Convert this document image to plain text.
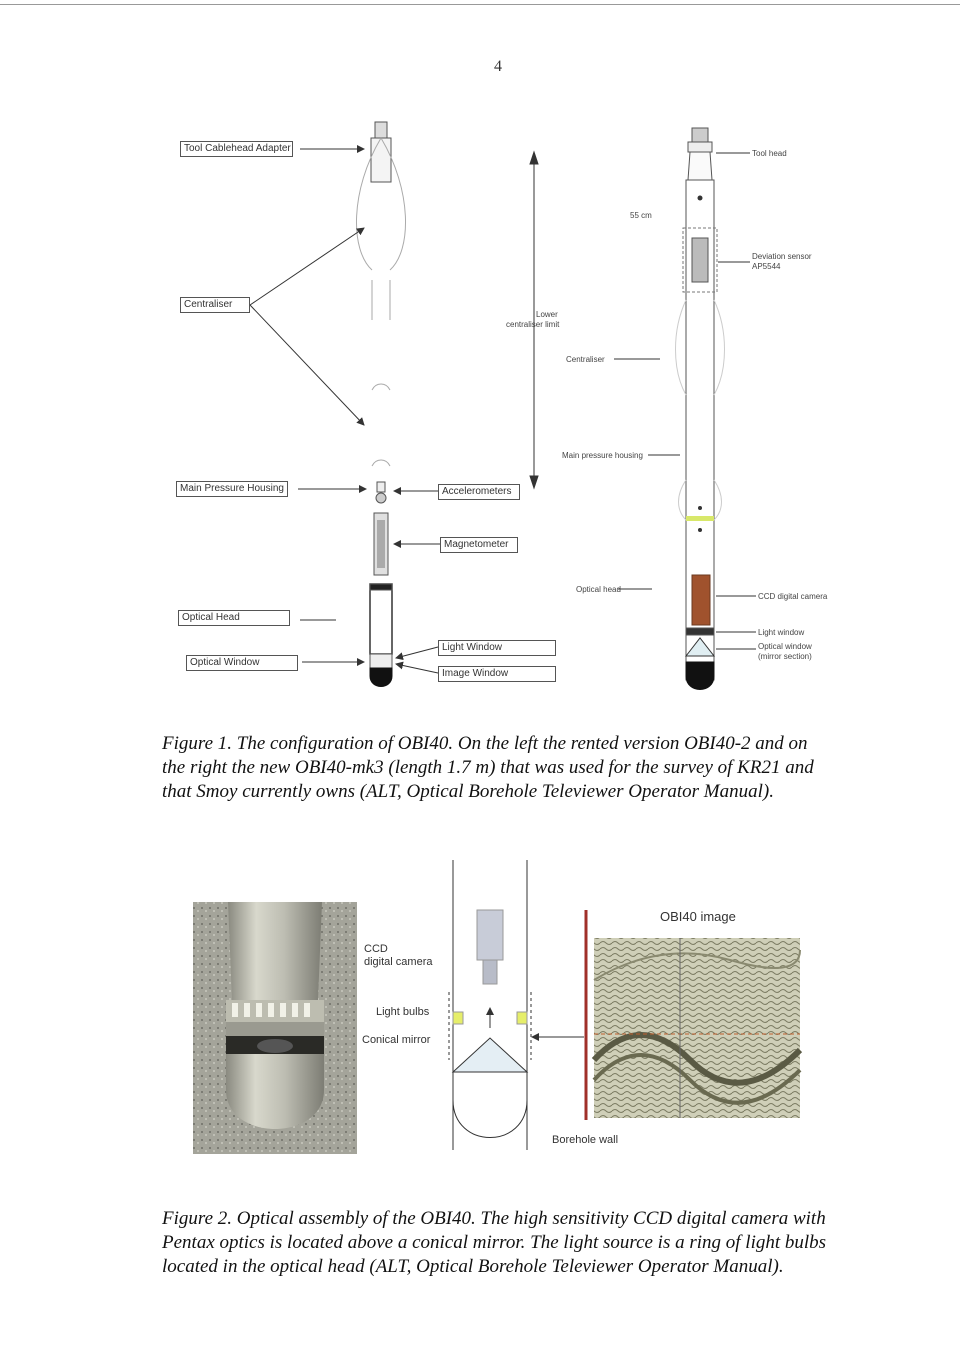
4
Tool Cablehead Adapter
Centraliser
Main Pressure Housing	Accelerometers
Magnetometer
Optical Head
Optical Window
Light Window
Image Window
Tool head
55 cm
Deviation sensor
AP5544
Lower
centraliser limit
Centraliser
Main pressure housing
Optical head
CCD digital camera
Light window
Optical window
(mirror section)
Figure 1. The configuration of OBI40. On the left the rented version OBI40-2 and on
the right the new OBI40-mk3 (length 1.7 m) that was used for the survey of KR21 and
that Smoy currently owns (ALT, Optical Borehole Televiewer Operator Manual).
CCD
digital camera
Light bulbs
Conical mirror
OBI40 image
Borehole wall
Figure 2. Optical assembly of the OBI40. The high sensitivity CCD digital camera with
Pentax optics is located above a conical mirror. The light source is a ring of light bulbs
located in the optical head (ALT, Optical Borehole Televiewer Operator Manual).
